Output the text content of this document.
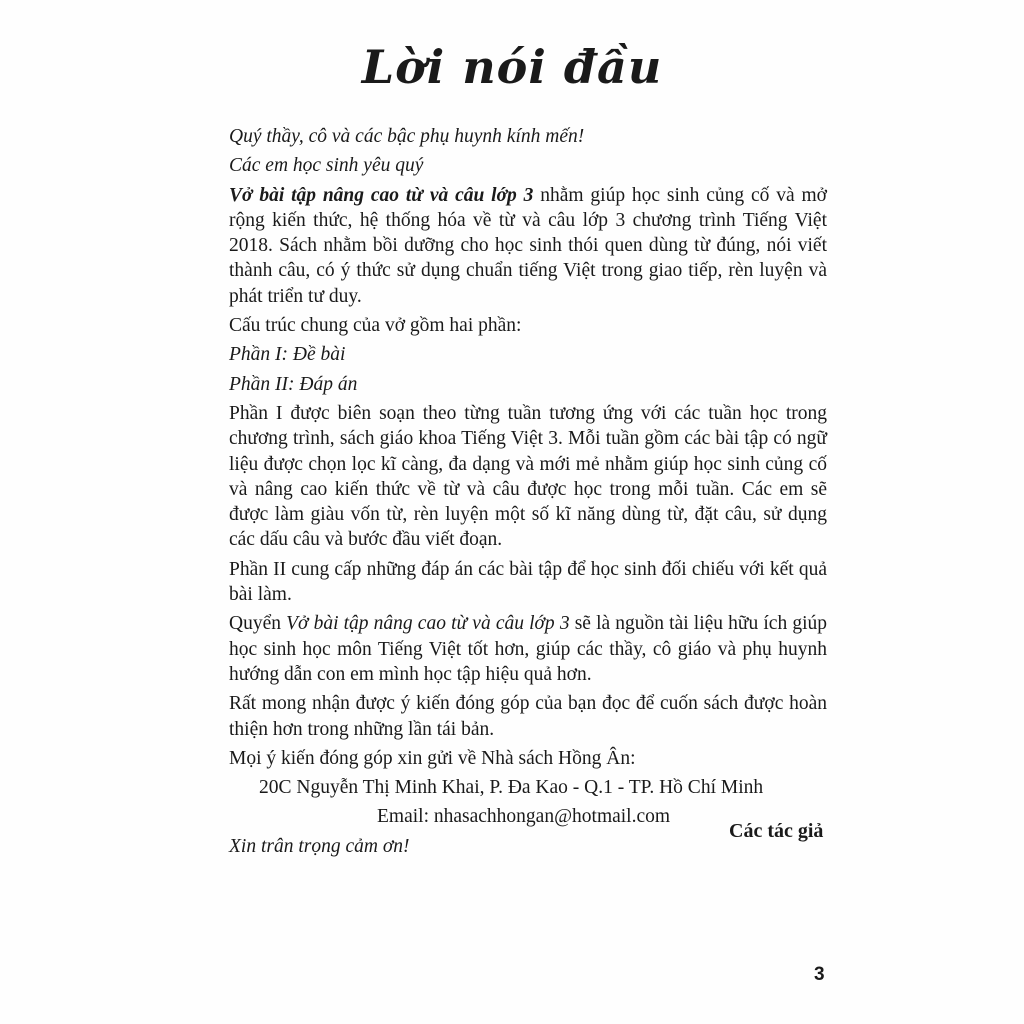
Lời nói đầu

Quý thầy, cô và các bậc phụ huynh kính mến!

Các em học sinh yêu quý

Vở bài tập nâng cao từ và câu lớp 3 nhằm giúp học sinh củng cố và mở rộng kiến thức, hệ thống hóa về từ và câu lớp 3 chương trình Tiếng Việt 2018. Sách nhằm bồi dưỡng cho học sinh thói quen dùng từ đúng, nói viết thành câu, có ý thức sử dụng chuẩn tiếng Việt trong giao tiếp, rèn luyện và phát triển tư duy.

Cấu trúc chung của vở gồm hai phần:

Phần I: Đề bài

Phần II: Đáp án

Phần I được biên soạn theo từng tuần tương ứng với các tuần học trong chương trình, sách giáo khoa Tiếng Việt 3. Mỗi tuần gồm các bài tập có ngữ liệu được chọn lọc kĩ càng, đa dạng và mới mẻ nhằm giúp học sinh củng cố và nâng cao kiến thức về từ và câu được học trong mỗi tuần. Các em sẽ được làm giàu vốn từ, rèn luyện một số kĩ năng dùng từ, đặt câu, sử dụng các dấu câu và bước đầu viết đoạn.

Phần II cung cấp những đáp án các bài tập để học sinh đối chiếu với kết quả bài làm.

Quyển Vở bài tập nâng cao từ và câu lớp 3 sẽ là nguồn tài liệu hữu ích giúp học sinh học môn Tiếng Việt tốt hơn, giúp các thầy, cô giáo và phụ huynh hướng dẫn con em mình học tập hiệu quả hơn.

Rất mong nhận được ý kiến đóng góp của bạn đọc để cuốn sách được hoàn thiện hơn trong những lần tái bản.

Mọi ý kiến đóng góp xin gửi về Nhà sách Hồng Ân:

20C Nguyễn Thị Minh Khai, P. Đa Kao - Q.1 - TP. Hồ Chí Minh

Email: nhasachhongan@hotmail.com

Xin trân trọng cảm ơn!

Các tác giả
3
